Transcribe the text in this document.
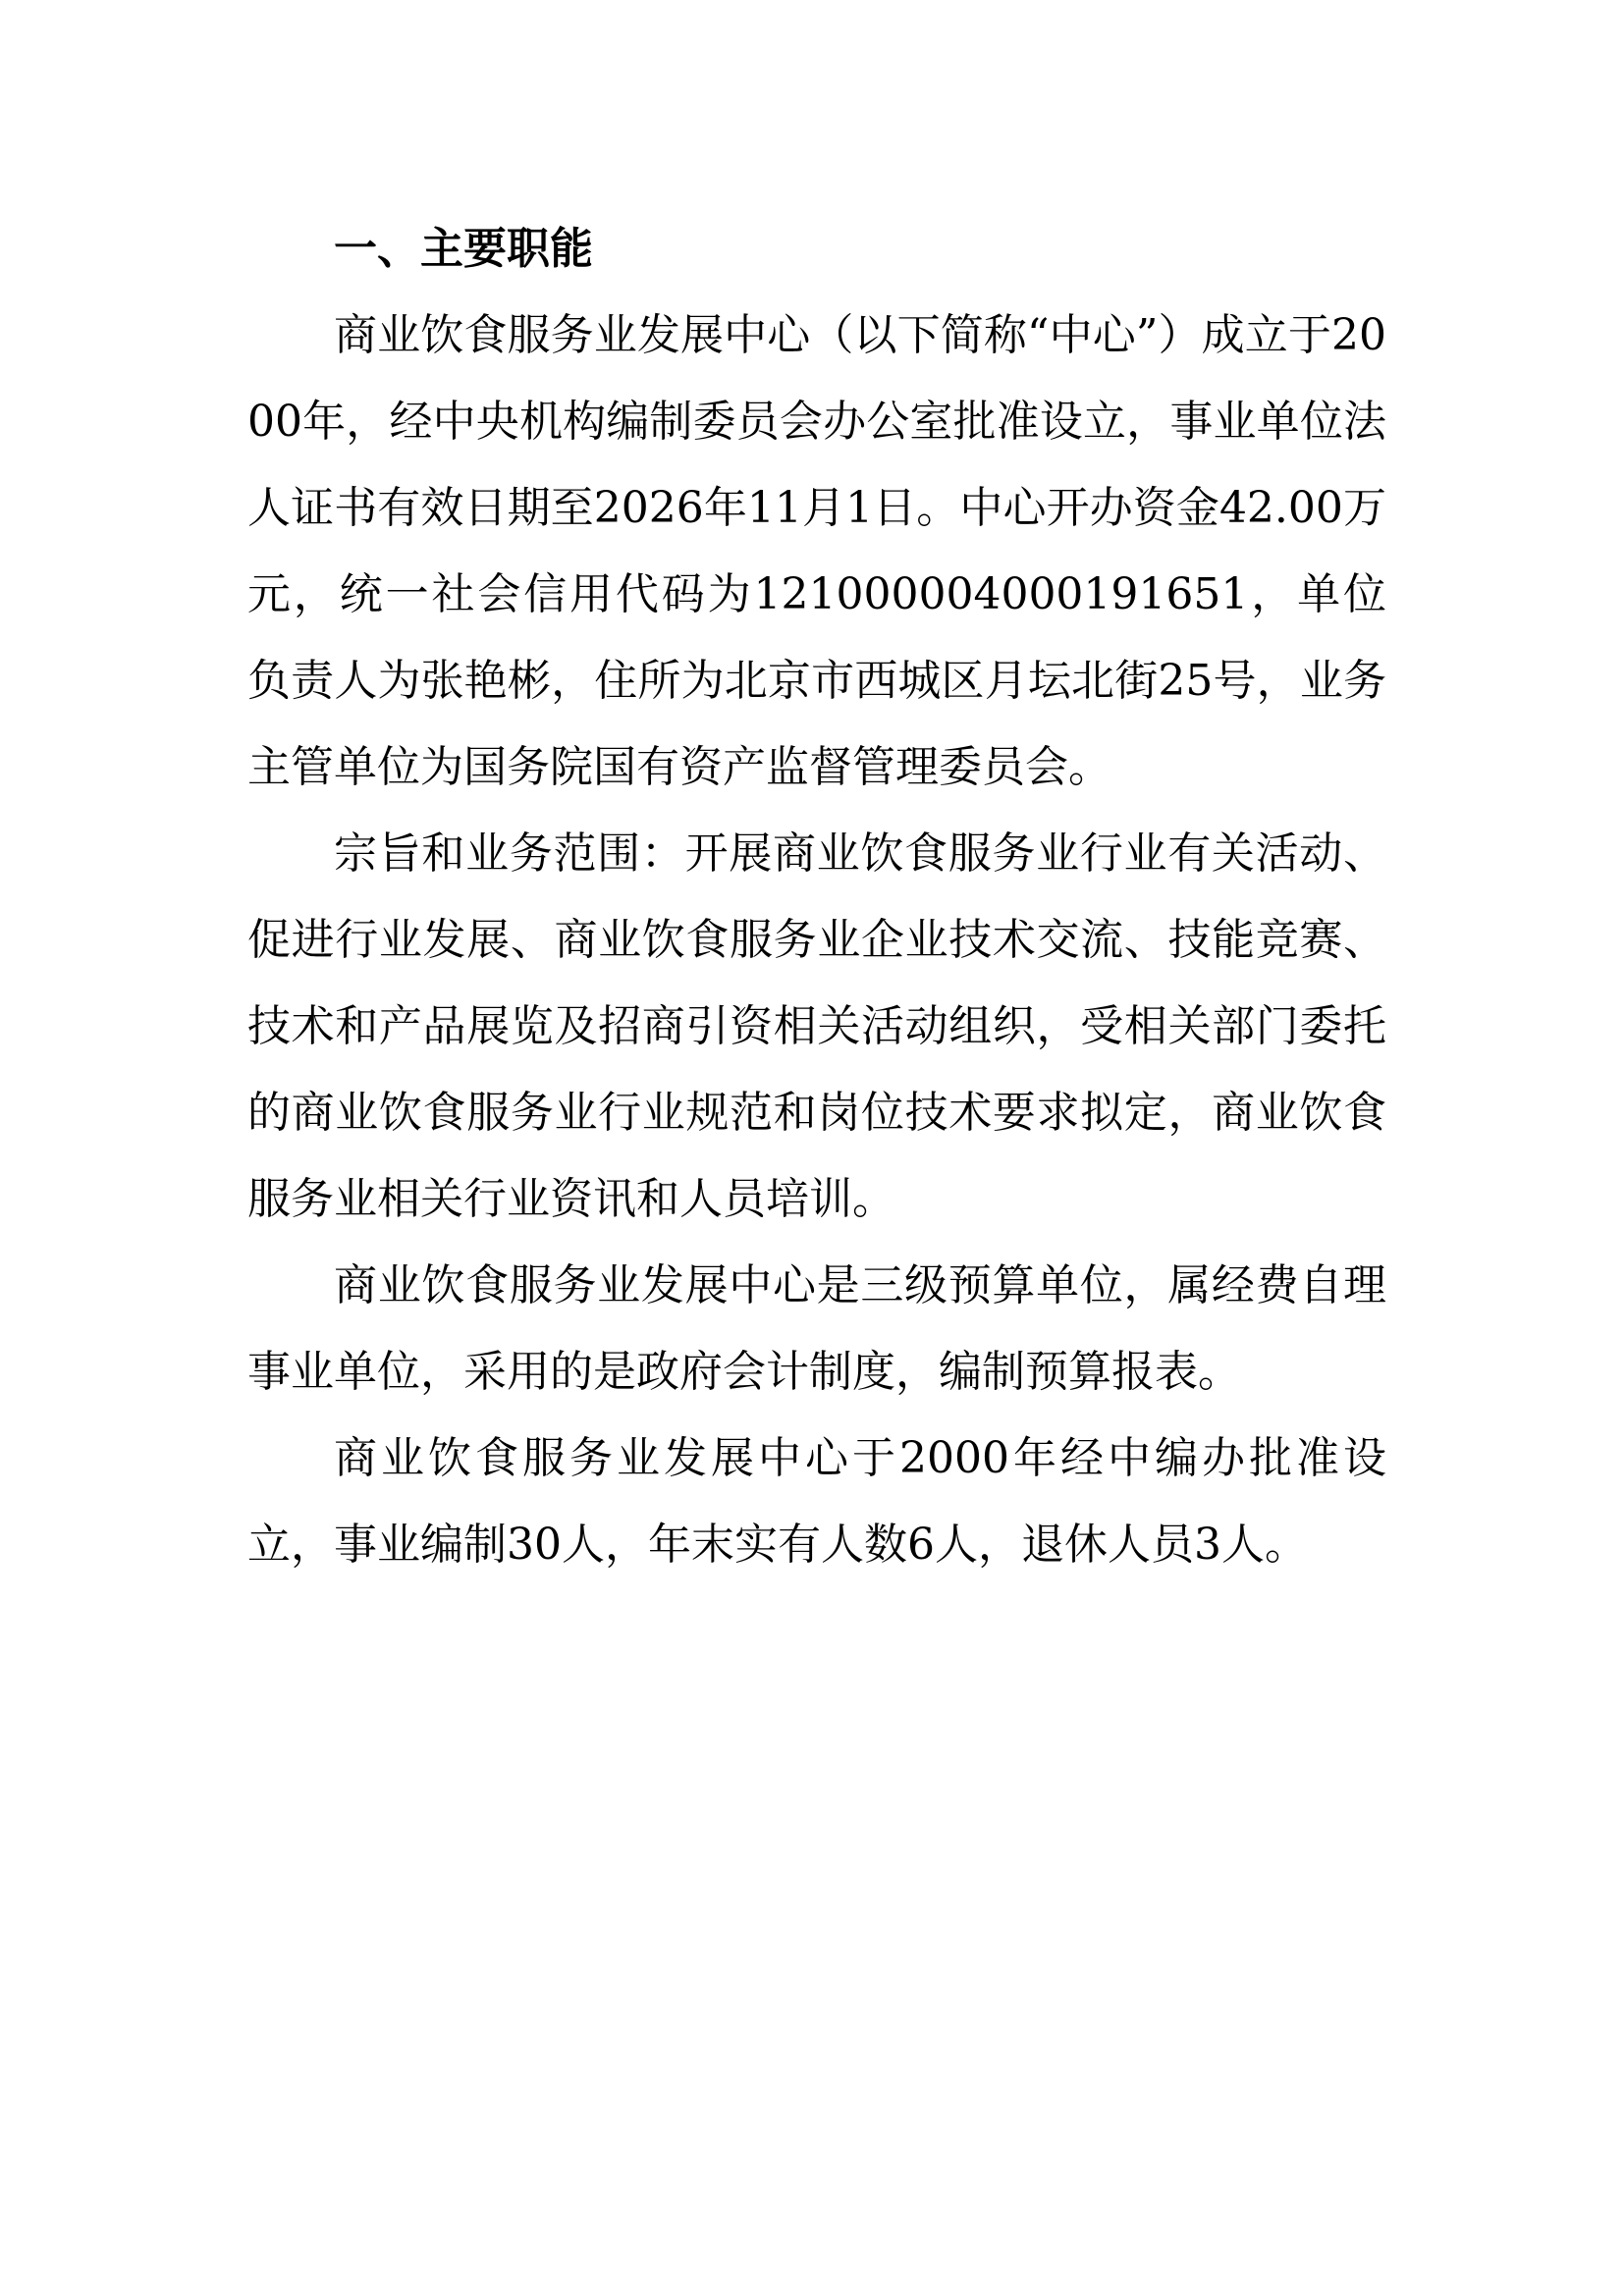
一、主要职能

商业饮食服务业发展中心（以下简称“中心”）成立于2000年，经中央机构编制委员会办公室批准设立，事业单位法人证书有效日期至2026年11月1日。中心开办资金42.00万元，统一社会信用代码为121000004000191651，单位负责人为张艳彬，住所为北京市西城区月坛北街25号，业务主管单位为国务院国有资产监督管理委员会。

宗旨和业务范围：开展商业饮食服务业行业有关活动、促进行业发展、商业饮食服务业企业技术交流、技能竞赛、技术和产品展览及招商引资相关活动组织，受相关部门委托的商业饮食服务业行业规范和岗位技术要求拟定，商业饮食服务业相关行业资讯和人员培训。

商业饮食服务业发展中心是三级预算单位，属经费自理事业单位，采用的是政府会计制度，编制预算报表。

商业饮食服务业发展中心于2000年经中编办批准设立，事业编制30人，年末实有人数6人，退休人员3人。
